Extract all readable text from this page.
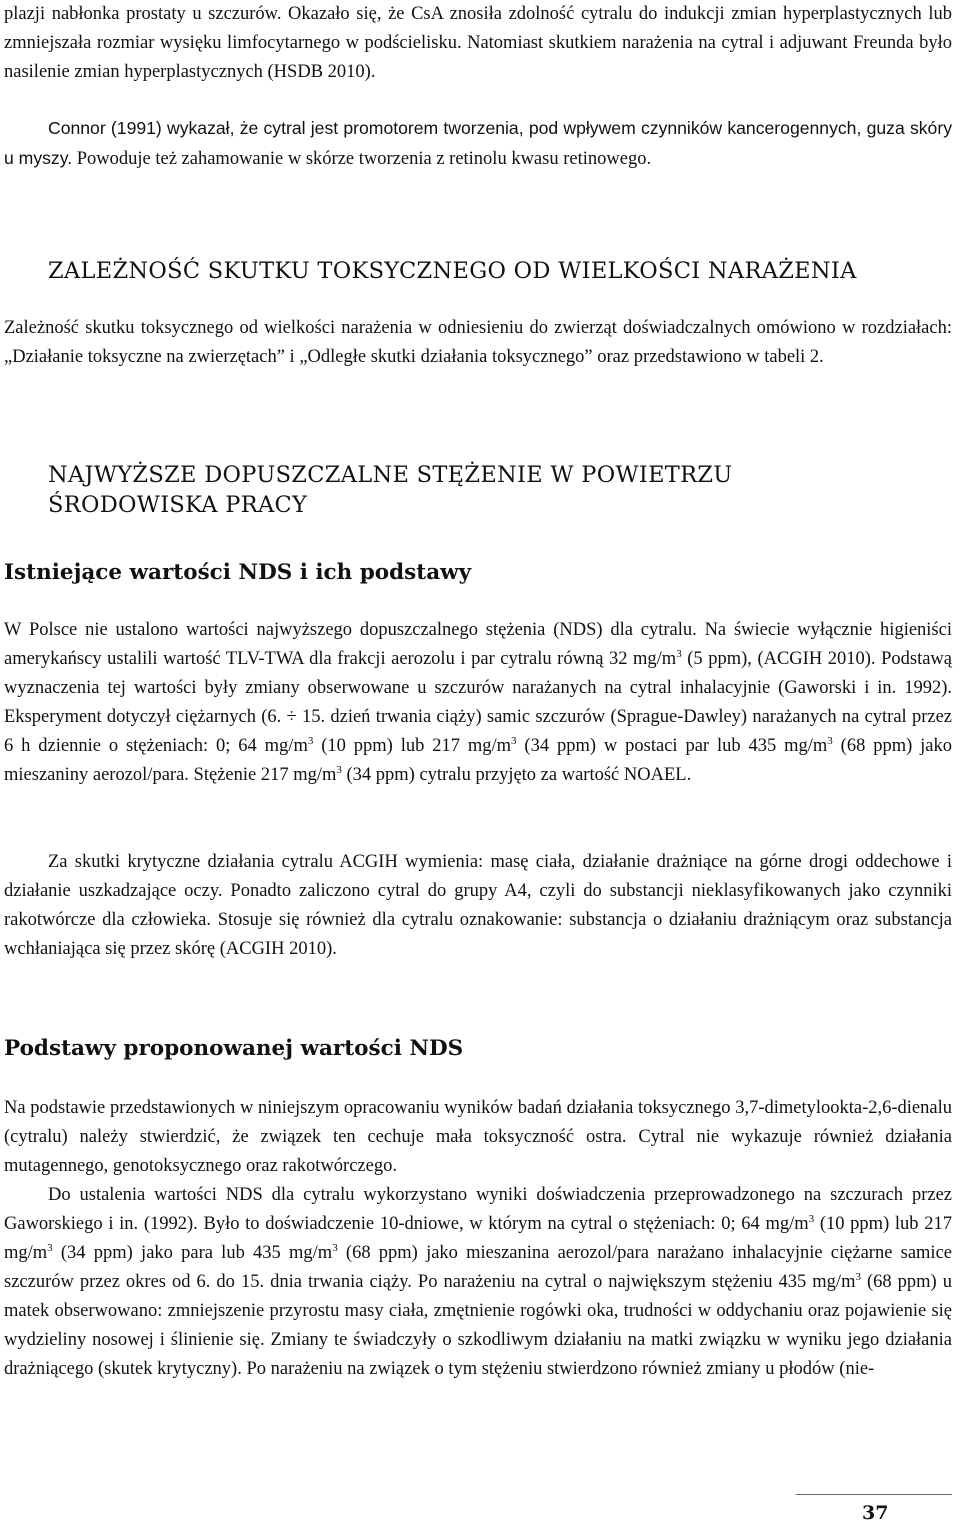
plazji nabłonka prostaty u szczurów. Okazało się, że CsA znosiła zdolność cytralu do indukcji zmian hyperplastycznych lub zmniejszała rozmiar wysięku limfocytarnego w podścielisku. Natomiast skutkiem narażenia na cytral i adjuwant Freunda było nasilenie zmian hyperplastycznych (HSDB 2010).

Connor (1991) wykazał, że cytral jest promotorem tworzenia, pod wpływem czynników kancerogennych, guza skóry u myszy. Powoduje też zahamowanie w skórze tworzenia z retinolu kwasu retinowego.

ZALEŻNOŚĆ SKUTKU TOKSYCZNEGO OD WIELKOŚCI NARAŻENIA

Zależność skutku toksycznego od wielkości narażenia w odniesieniu do zwierząt doświadczalnych omówiono w rozdziałach: „Działanie toksyczne na zwierzętach” i „Odległe skutki działania toksycznego” oraz przedstawiono w tabeli 2.

NAJWYŻSZE DOPUSZCZALNE STĘŻENIE W POWIETRZU ŚRODOWISKA PRACY
Istniejące wartości NDS i ich podstawy

W Polsce nie ustalono wartości najwyższego dopuszczalnego stężenia (NDS) dla cytralu. Na świecie wyłącznie higieniści amerykańscy ustalili wartość TLV-TWA dla frakcji aerozolu i par cytralu równą 32 $mg/m^3$ (5 ppm), (ACGIH 2010). Podstawą wyznaczenia tej wartości były zmiany obserwowane u szczurów narażanych na cytral inhalacyjnie (Gaworski i in. 1992). Eksperyment dotyczył ciężarnych (6. ÷ 15. dzień trwania ciąży) samic szczurów (Sprague-Dawley) narażanych na cytral przez 6 h dziennie o stężeniach: 0; 64 $mg/m^3$ (10 ppm) lub 217 $mg/m^3$ (34 ppm) w postaci par lub 435 $mg/m^3$ (68 ppm) jako mieszaniny aerozol/para. Stężenie 217 $mg/m^3$ (34 ppm) cytralu przyjęto za wartość NOAEL.

Za skutki krytyczne działania cytralu ACGIH wymienia: masę ciała, działanie drażniące na górne drogi oddechowe i działanie uszkadzające oczy. Ponadto zaliczono cytral do grupy A4, czyli do substancji nieklasyfikowanych jako czynniki rakotwórcze dla człowieka. Stosuje się również dla cytralu oznakowanie: substancja o działaniu drażniącym oraz substancja wchłaniająca się przez skórę (ACGIH 2010).

Podstawy proponowanej wartości NDS

Na podstawie przedstawionych w niniejszym opracowaniu wyników badań działania toksycznego 3,7-dimetylookta-2,6-dienalu (cytralu) należy stwierdzić, że związek ten cechuje mała toksyczność ostra. Cytral nie wykazuje również działania mutagennego, genotoksycznego oraz rakotwórczego.

Do ustalenia wartości NDS dla cytralu wykorzystano wyniki doświadczenia przeprowadzonego na szczurach przez Gaworskiego i in. (1992). Było to doświadczenie 10-dniowe, w którym na cytral o stężeniach: 0; 64 $mg/m^3$ (10 ppm) lub 217 $mg/m^3$ (34 ppm) jako para lub 435 $mg/m^3$ (68 ppm) jako mieszanina aerozol/para narażano inhalacyjnie ciężarne samice szczurów przez okres od 6. do 15. dnia trwania ciąży. Po narażeniu na cytral o największym stężeniu 435 $mg/m^3$ (68 ppm) u matek obserwowano: zmniejszenie przyrostu masy ciała, zmętnienie rogówki oka, trudności w oddychaniu oraz pojawienie się wydzieliny nosowej i ślinienie się. Zmiany te świadczyły o szkodliwym działaniu na matki związku w wyniku jego działania drażniącego (skutek krytyczny). Po narażeniu na związek o tym stężeniu stwierdzono również zmiany u płodów (nie-

37
